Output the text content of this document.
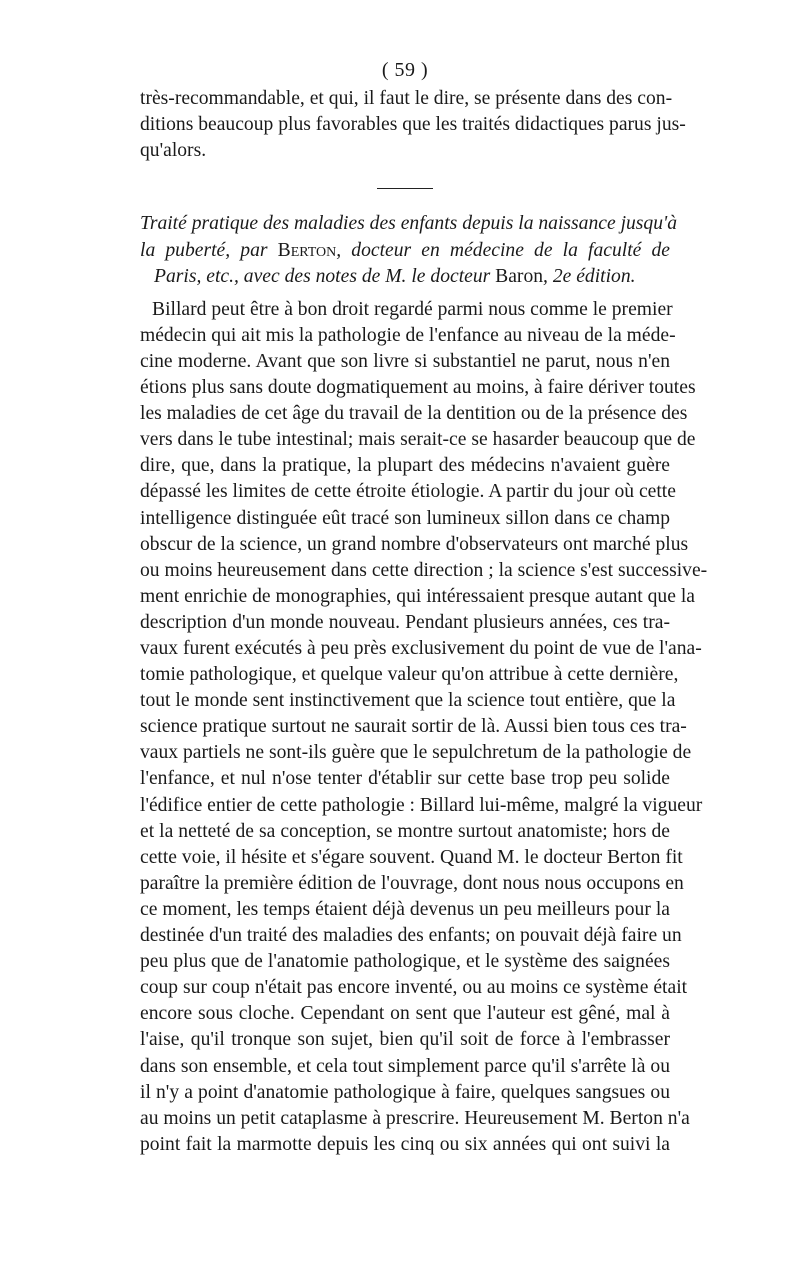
( 59 )
très-recommandable, et qui, il faut le dire, se présente dans des con-
ditions beaucoup plus favorables que les traités didactiques parus jus-
qu'alors.
Traité pratique des maladies des enfants depuis la naissance jusqu'à
la puberté, par Berton, docteur en médecine de la faculté de
Paris, etc., avec des notes de M. le docteur Baron, 2e édition.
Billard peut être à bon droit regardé parmi nous comme le premier
médecin qui ait mis la pathologie de l'enfance au niveau de la méde-
cine moderne. Avant que son livre si substantiel ne parut, nous n'en
étions plus sans doute dogmatiquement au moins, à faire dériver toutes
les maladies de cet âge du travail de la dentition ou de la présence des
vers dans le tube intestinal; mais serait-ce se hasarder beaucoup que de
dire, que, dans la pratique, la plupart des médecins n'avaient guère
dépassé les limites de cette étroite étiologie. A partir du jour où cette
intelligence distinguée eût tracé son lumineux sillon dans ce champ
obscur de la science, un grand nombre d'observateurs ont marché plus
ou moins heureusement dans cette direction ; la science s'est successive-
ment enrichie de monographies, qui intéressaient presque autant que la
description d'un monde nouveau. Pendant plusieurs années, ces tra-
vaux furent exécutés à peu près exclusivement du point de vue de l'ana-
tomie pathologique, et quelque valeur qu'on attribue à cette dernière,
tout le monde sent instinctivement que la science tout entière, que la
science pratique surtout ne saurait sortir de là. Aussi bien tous ces tra-
vaux partiels ne sont-ils guère que le sepulchretum de la pathologie de
l'enfance, et nul n'ose tenter d'établir sur cette base trop peu solide
l'édifice entier de cette pathologie : Billard lui-même, malgré la vigueur
et la netteté de sa conception, se montre surtout anatomiste; hors de
cette voie, il hésite et s'égare souvent. Quand M. le docteur Berton fit
paraître la première édition de l'ouvrage, dont nous nous occupons en
ce moment, les temps étaient déjà devenus un peu meilleurs pour la
destinée d'un traité des maladies des enfants; on pouvait déjà faire un
peu plus que de l'anatomie pathologique, et le système des saignées
coup sur coup n'était pas encore inventé, ou au moins ce système était
encore sous cloche. Cependant on sent que l'auteur est gêné, mal à
l'aise, qu'il tronque son sujet, bien qu'il soit de force à l'embrasser
dans son ensemble, et cela tout simplement parce qu'il s'arrête là ou
il n'y a point d'anatomie pathologique à faire, quelques sangsues ou
au moins un petit cataplasme à prescrire. Heureusement M. Berton n'a
point fait la marmotte depuis les cinq ou six années qui ont suivi la
